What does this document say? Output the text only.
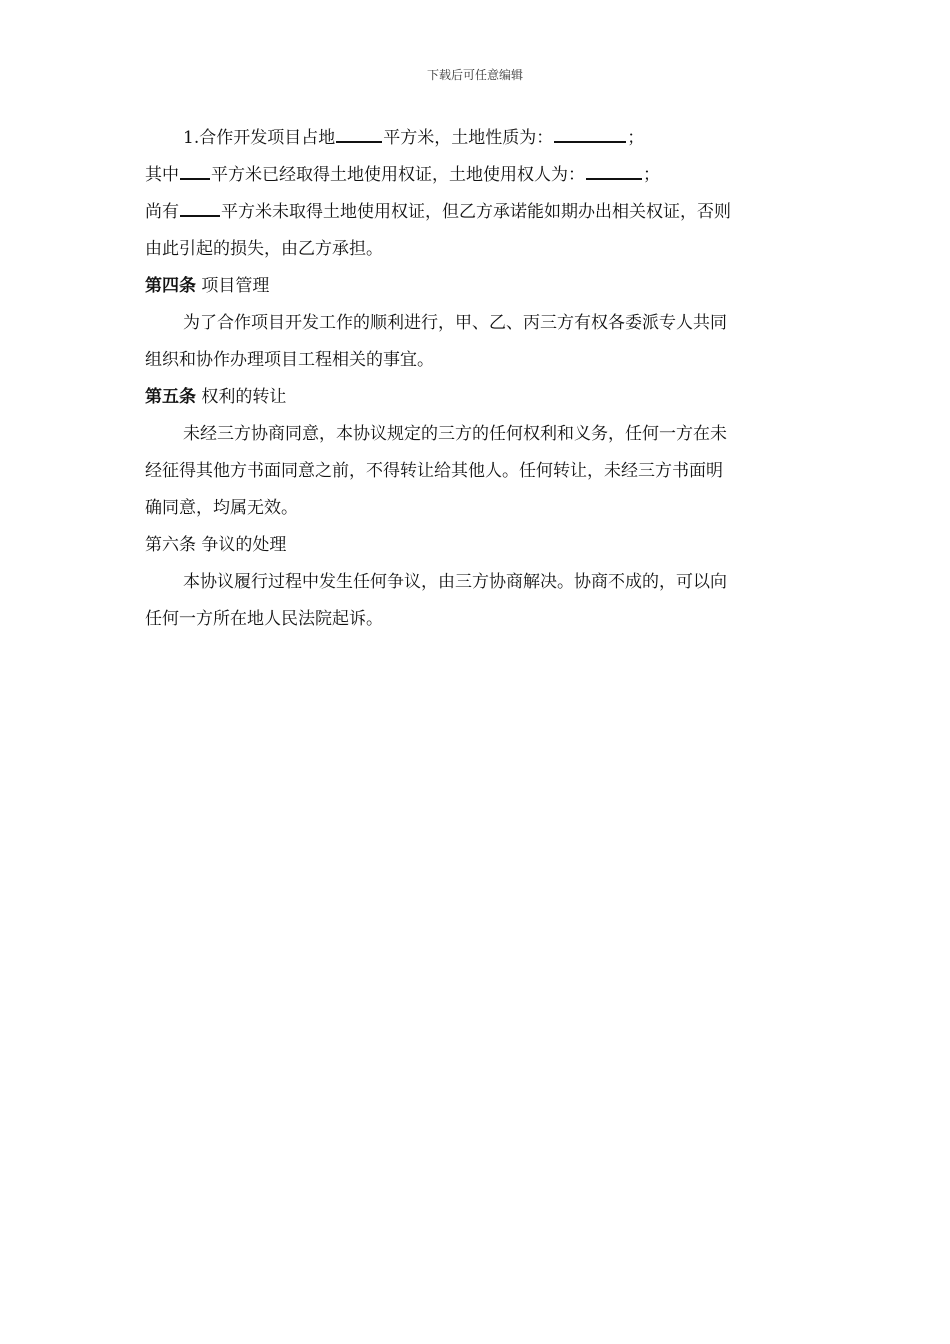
下载后可任意编辑

1.合作开发项目占地	平方米，土地性质为：	；

其中 平方米已经取得土地使用权证，土地使用权人为：	；

尚有 平方米未取得土地使用权证，但乙方承诺能如期办出相关权证，否则

由此引起的损失，由乙方承担。

第四条 项目管理

为了合作项目开发工作的顺利进行，甲、乙、丙三方有权各委派专人共同

组织和协作办理项目工程相关的事宜。

第五条 权利的转让

未经三方协商同意，本协议规定的三方的任何权利和义务，任何一方在未

经征得其他方书面同意之前，不得转让给其他人。任何转让，未经三方书面明

确同意，均属无效。

第六条 争议的处理

本协议履行过程中发生任何争议，由三方协商解决。协商不成的，可以向

任何一方所在地人民法院起诉。
